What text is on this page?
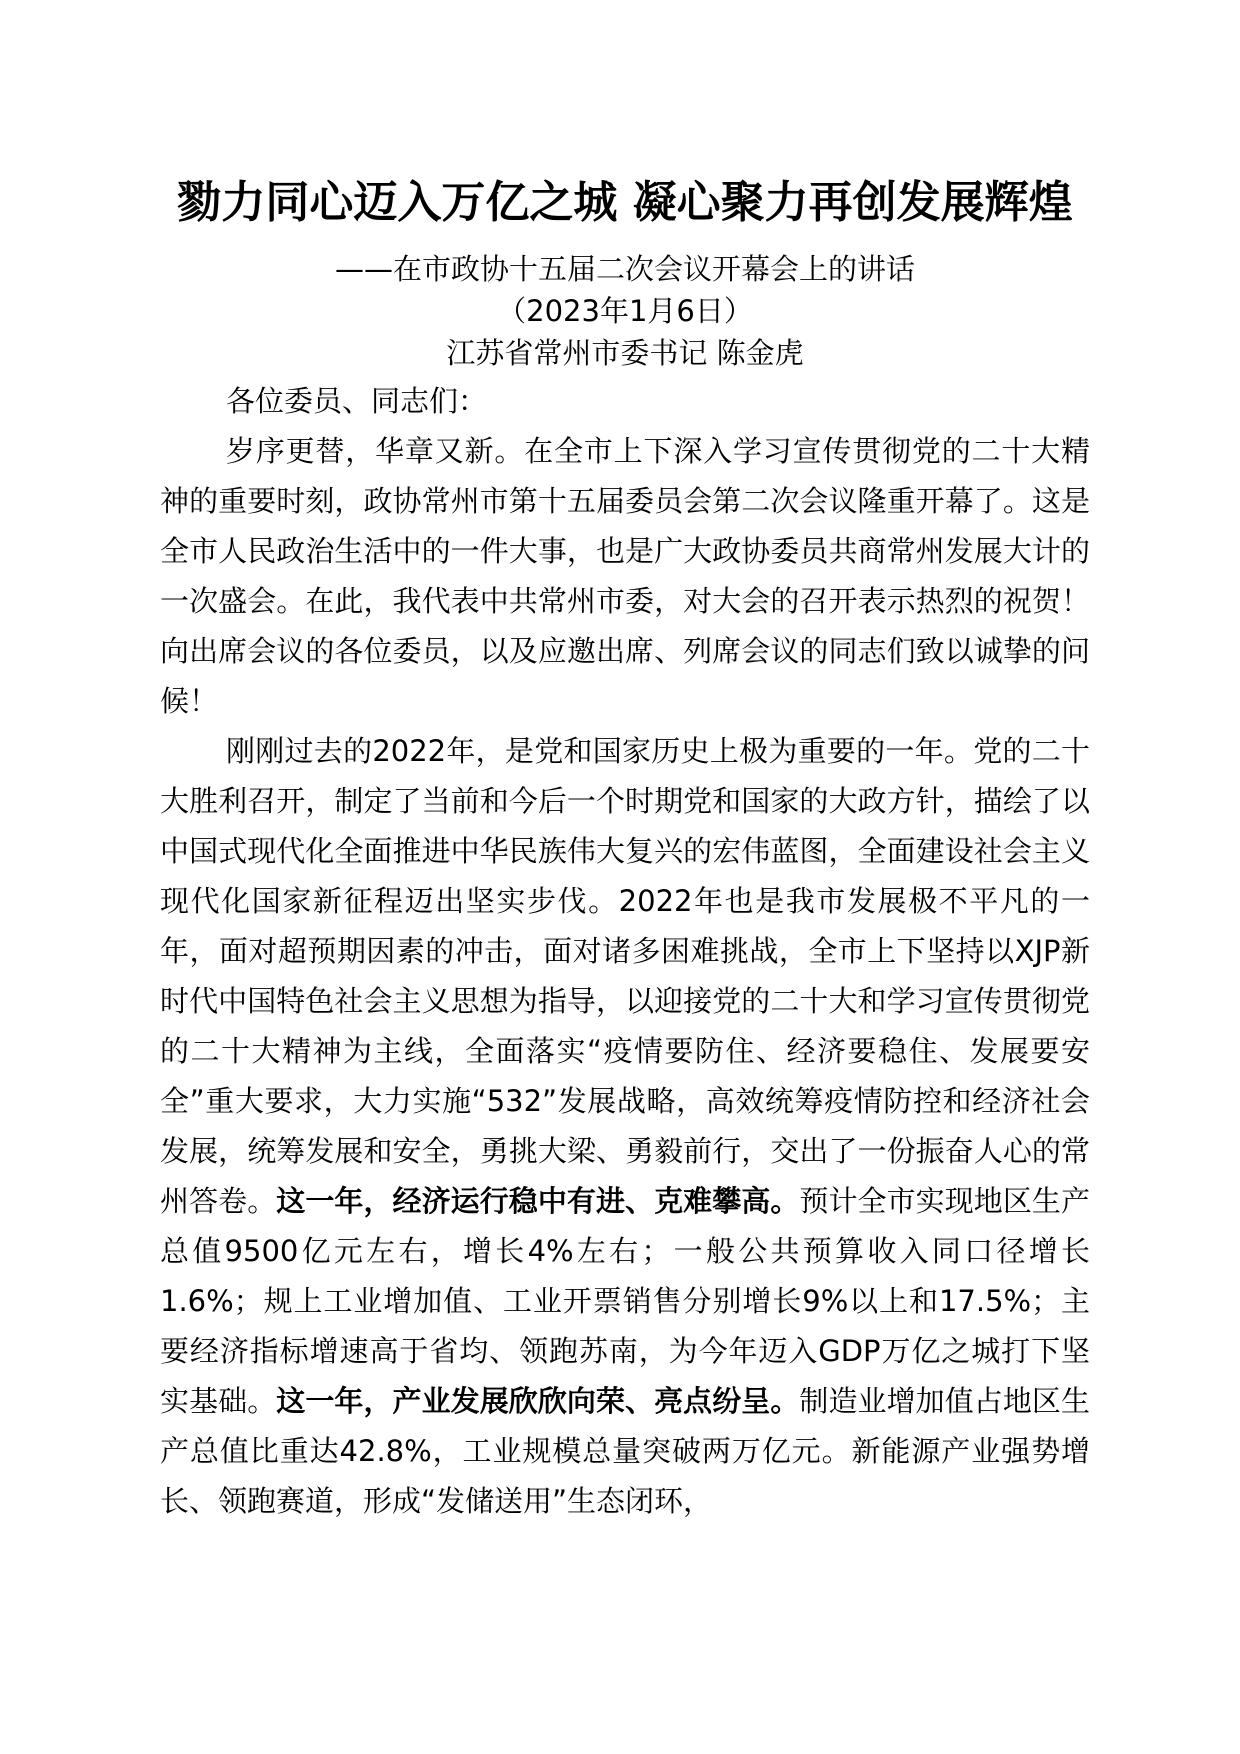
勠力同心迈入万亿之城 凝心聚力再创发展辉煌
——在市政协十五届二次会议开幕会上的讲话
（2023年1月6日）
江苏省常州市委书记 陈金虎

各位委员、同志们：

岁序更替，华章又新。在全市上下深入学习宣传贯彻党的二十大精神的重要时刻，政协常州市第十五届委员会第二次会议隆重开幕了。这是全市人民政治生活中的一件大事，也是广大政协委员共商常州发展大计的一次盛会。在此，我代表中共常州市委，对大会的召开表示热烈的祝贺！向出席会议的各位委员，以及应邀出席、列席会议的同志们致以诚挚的问候！

刚刚过去的2022年，是党和国家历史上极为重要的一年。党的二十大胜利召开，制定了当前和今后一个时期党和国家的大政方针，描绘了以中国式现代化全面推进中华民族伟大复兴的宏伟蓝图，全面建设社会主义现代化国家新征程迈出坚实步伐。2022年也是我市发展极不平凡的一年，面对超预期因素的冲击，面对诸多困难挑战，全市上下坚持以XJP新时代中国特色社会主义思想为指导，以迎接党的二十大和学习宣传贯彻党的二十大精神为主线，全面落实“疫情要防住、经济要稳住、发展要安全”重大要求，大力实施“532”发展战略，高效统筹疫情防控和经济社会发展，统筹发展和安全，勇挑大梁、勇毅前行，交出了一份振奋人心的常州答卷。这一年，经济运行稳中有进、克难攀高。预计全市实现地区生产总值9500亿元左右，增长4%左右；一般公共预算收入同口径增长1.6%；规上工业增加值、工业开票销售分别增长9%以上和17.5%；主要经济指标增速高于省均、领跑苏南，为今年迈入GDP万亿之城打下坚实基础。这一年，产业发展欣欣向荣、亮点纷呈。制造业增加值占地区生产总值比重达42.8%，工业规模总量突破两万亿元。新能源产业强势增长、领跑赛道，形成“发储送用”生态闭环，
